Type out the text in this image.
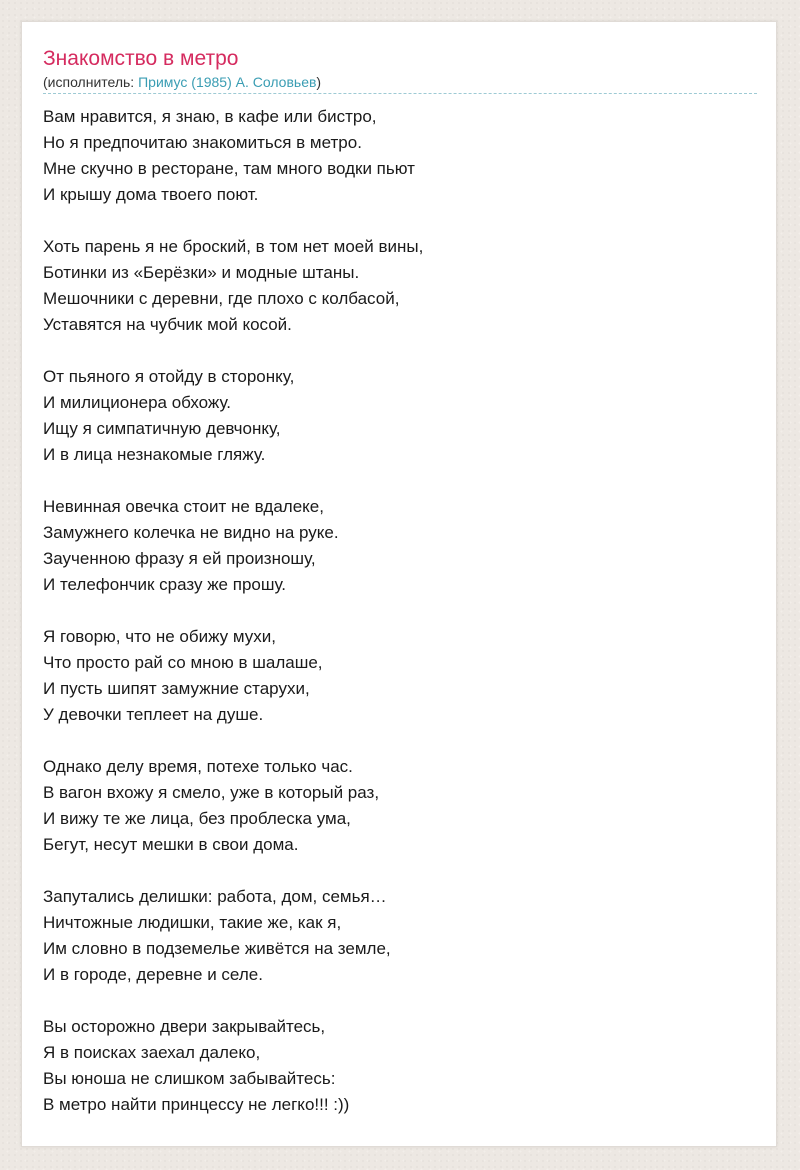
Знакомство в метро
(исполнитель: Примус (1985) А. Соловьев)
Вам нравится, я знаю, в кафе или бистро,
Но я предпочитаю знакомиться в метро.
Мне скучно в ресторане, там много водки пьют
И крышу дома твоего поют.
Хоть парень я не броский, в том нет моей вины,
Ботинки из «Берёзки» и модные штаны.
Мешочники с деревни, где плохо с колбасой,
Уставятся на чубчик мой косой.
От пьяного я отойду в сторонку,
И милиционера обхожу.
Ищу я симпатичную девчонку,
И в лица незнакомые гляжу.
Невинная овечка стоит не вдалеке,
Замужнего колечка не видно на руке.
Заученною фразу я ей произношу,
И телефончик сразу же прошу.
Я говорю, что не обижу мухи,
Что просто рай со мною в шалаше,
И пусть шипят замужние старухи,
У девочки теплеет на душе.
Однако делу время, потехе только час.
В вагон вхожу я смело, уже в который раз,
И вижу те же лица, без проблеска ума,
Бегут, несут мешки в свои дома.
Запутались делишки: работа, дом, семья…
Ничтожные людишки, такие же, как я,
Им словно в подземелье живётся на земле,
И в городе, деревне и селе.
Вы осторожно двери закрывайтесь,
Я в поисках заехал далеко,
Вы юноша не слишком забывайтесь:
В метро найти принцессу не легко!!! :))
